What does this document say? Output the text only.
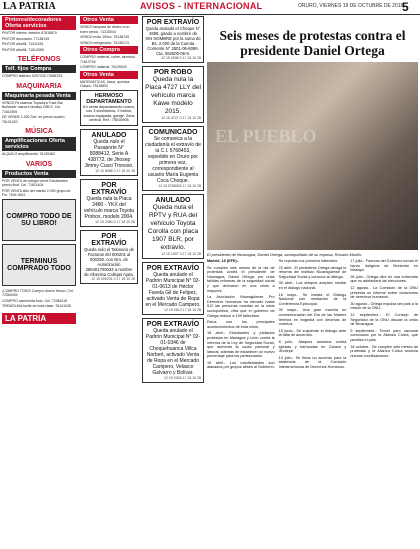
LA PATRIA	AVISOS - INTERNACIONAL	ORURO, VIERNES 19 DE OCTUBRE DE 2018
5
Pintores/decoradores Oferta servicios
PINTOR interior, exterior 67818870
PINTOR decorador. 77138149
PINTOR albañil. 71311451
PINTOR albañil. 71614365
TELÉFONOS
Telf. fijos Compra
COMPRO teléfono 5297230 72668753
MAQUINARIA
Maquinaria pesada Venta
VENDO Rt usamos Topadora Tract Bar Bulldozer marca Komatsu D85 E. Cel. 71611506
DE VENDE 1.000 Tort. en precio cuadro. 76101020
MÚSICA
Amplificaciones Oferta servicios
ALQUILO amplificación 76139462
VARIOS
Productos Venta
POR VENTA de colegio verde Estudiantes precio final. Cel. 71611404
POR VENTA sitio del manilo 2.000 grupo de Fin. 7634 0541
COMPRO TODO DE SU LIBRO!
TERMINUS COMPRADO TODO
¡COMPRO TODO! Compro dinero fresco. Cel. 72364034
COMPRO camioneta todo. Cel. 72364115
TREMOLINA fuelle de toda clase. 76141045
LA PATRIA
Otros Venta
VENDO lámpara de dinero a un buen precio. 71315044
VENDO moto 100cc. 76138749
VENDO refrigerador. 76130174
Otros Compra
COMPRO material, cobre, aluminio. 71613745
COMPRO material. 76129043
Otros Venta
MATEMÁTICAS, física, química. Clases. 75118802
HERMOSO DEPARTAMENTO
En venta departamento nuevo, con 3 dormitorios, 2 baños, cocina equipada, garaje. Zona central. Ref.: 75015906
ANULADO
Queda nulo el Pasaporte N° 8088412, Serie A 438772, de Jhosep Jimmy Cussi Tronoso.
12 15 8088 0 17 18 10 28
POR EXTRAVÍO
Queda nula la Placa 2480 - YKX del vehículo marca Toyota Probox, modelo 2004.
12 15 2480 0 17 18 10 28
POR EXTRAVÍO
Queda nulo el Talonario de Facturas del 000201 al 000250, con Nro. de Autorización 286401700034 a nombre de Albertina Callejas Ajata.
12 15 000201 0 17 18 10 28
POR EXTRAVÍO
Queda anulado el Cheque N° 2698, girado a nombre de SIN NOMBRE por la suma de Bs. 2.000 de la Cuenta Corriente N° 2501-06-6089, Cta. 092500-06-9.
12 15 2698 0 17 18 10 28
POR ROBO
Queda nula la Placa 4727 LLY del vehículo marca Kawe modelo 2015.
12 15 4727 0 17 18 10 28
COMUNICADO
Se comunica a la ciudadanía el extravío de la C.I. 5768453, expedido en Oruro por primera vez, correspondiente al usuario María Eugenia Coca Choque.
12 15 5768453 17 18 10 28
ANULADO
Queda nula el RPTV y RUA del vehículo Toyota Corolla con placa 1907 BLR, por extravío.
12 15 1907 0 17 18 10 28
POR EXTRAVÍO
Queda anulado el Padrón Municipal N° 02-01-0613 de Héctor Favela Gil de Felipez, activado Venta de Ropa en el Mercado Campero.
12 15 0613 17 18 10 28
POR EXTRAVÍO
Queda anulado el Padrón Municipal N° 02-01-0346 de Choquehuanca Villca Norbert, activado Venta de Ropa en el Mercado Campero, Velasco Galvarro y Bolívar.
12 15 0346 17 18 10 28
Seis meses de protestas contra el presidente Daniel Ortega
EL PUEBLO
El presidente de Nicaragua, Daniel Ortega, acompañado de su esposa, Rosario Murillo.

Madrid, 18 (EFE).-

Se cumplen seis meses de la ola de protestas contra el presidente de Nicaragua, Daniel Ortega, por unas fallidas reformas de la seguridad social y que derivaron en una crisis a mayores.

La Asociación Nicaragüense Pro Derechos Humanos ha elevado hasta 512 las personas muertas en la crisis sociopolítica, cifra que el gobierno de Ortega reduce a 199 fallecidos.

Estos son los principales acontecimientos de esta crisis:

18 abril.- Estudiantes y jubilados protestan en Managua y León contra la reforma de la Ley de Seguridad Social, que aumenta la cuota patronal y laboral, además de establecer un nuevo porcentaje para los pensionados.

19 abril.- Los manifestantes son atacados por grupos afines al Gobierno. Se reportan los primeros fallecidos.

22 abril.- El presidente Ortega deroga la reforma del Instituto Nicaragüense de Seguridad Social y convoca al diálogo.

30 abril.- Los obispos aceptan mediar en el diálogo nacional.

16 mayo.- Se instala el Diálogo Nacional con mediación de la Conferencia Episcopal.

30 mayo.- Una gran marcha en conmemoración del Día de las Madres termina en tragedia con decenas de muertos.

15 junio.- Se suspende el diálogo ante la falta de acuerdos.

8 julio.- Ataques armados contra iglesias y barricadas en Carazo y Jinotepe.

13 julio.- Se firma un acuerdo para la asistencia de la Comisión Interamericana de Derechos Humanos.

17 julio.- Fuerzas del Gobierno toman el barrio indígena de Monimbó en Masaya.

26 julio.- Ortega dice en una entrevista que no adelantará las elecciones.

12 agosto.- La Comisión de la ONU presenta un informe sobre violaciones de derechos humanos.

30 agosto.- Ortega expulsa del país a la misión de la ONU.

12 septiembre.- El Consejo de Seguridad de la ONU discute la crisis de Nicaragua.

5 septiembre.- Tercer paro nacional convocado por la Alianza Cívica, que paraliza el país.

18 octubre.- Se cumplen seis meses de protestas y la Alianza Cívica anuncia nuevas movilizaciones.
